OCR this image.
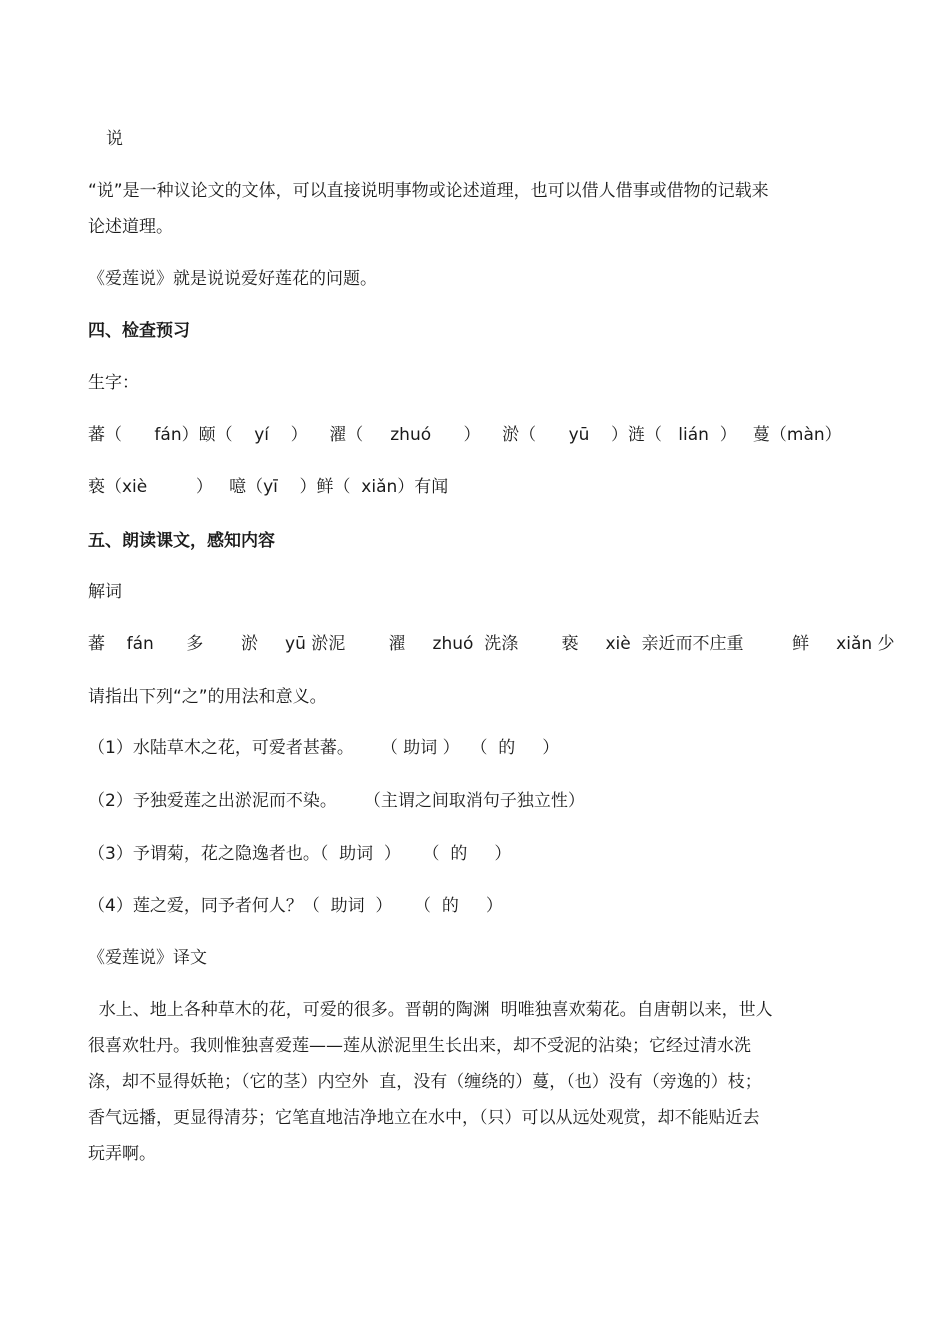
说
“说”是一种议论文的文体，可以直接说明事物或论述道理，也可以借人借事或借物的记载来
论述道理。
《爱莲说》就是说说爱好莲花的问题。
四、检查预习
生字：
蕃（      fán）颐（    yí    ）    濯（     zhuó      ）    淤（      yū    ）涟（   lián  ）   蔓（màn）
亵（xiè         ）   噫（yī    ）鲜（  xiǎn）有闻
五、朗读课文，感知内容
解词
蕃    fán      多       淤     yū 淤泥        濯     zhuó  洗涤        亵     xiè  亲近而不庄重         鲜     xiǎn 少
请指出下列“之”的用法和意义。
（1）水陆草木之花，可爱者甚蕃。     （ 助词 ）  （  的     ）
（2）予独爱莲之出淤泥而不染。     （主谓之间取消句子独立性）
（3）予谓菊，花之隐逸者也。（  助词  ）    （  的     ）
（4）莲之爱，同予者何人？（  助词  ）    （  的     ）
《爱莲说》译文
水上、地上各种草木的花，可爱的很多。晋朝的陶渊  明唯独喜欢菊花。自唐朝以来，世人
很喜欢牡丹。我则惟独喜爱莲——莲从淤泥里生长出来，却不受泥的沾染；它经过清水洗
涤，却不显得妖艳；（它的茎）内空外  直，没有（缠绕的）蔓，（也）没有（旁逸的）枝；
香气远播，更显得清芬；它笔直地洁净地立在水中，（只）可以从远处观赏，却不能贴近去
玩弄啊。
